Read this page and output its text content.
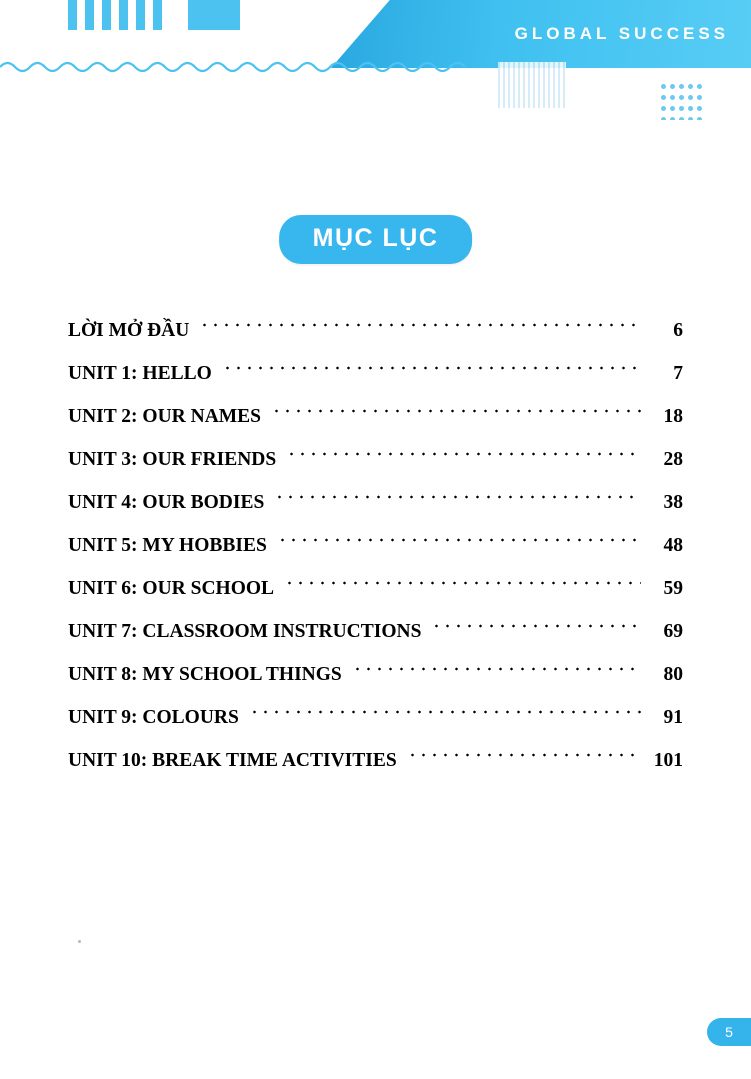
GLOBAL SUCCESS
MỤC LỤC
LỜI MỞ ĐẦU	6
UNIT 1: HELLO	7
UNIT 2: OUR NAMES	18
UNIT 3: OUR FRIENDS	28
UNIT 4: OUR BODIES	38
UNIT 5: MY HOBBIES	48
UNIT 6: OUR SCHOOL	59
UNIT 7: CLASSROOM INSTRUCTIONS	69
UNIT 8: MY SCHOOL THINGS	80
UNIT 9: COLOURS	91
UNIT 10: BREAK TIME ACTIVITIES	101
5
